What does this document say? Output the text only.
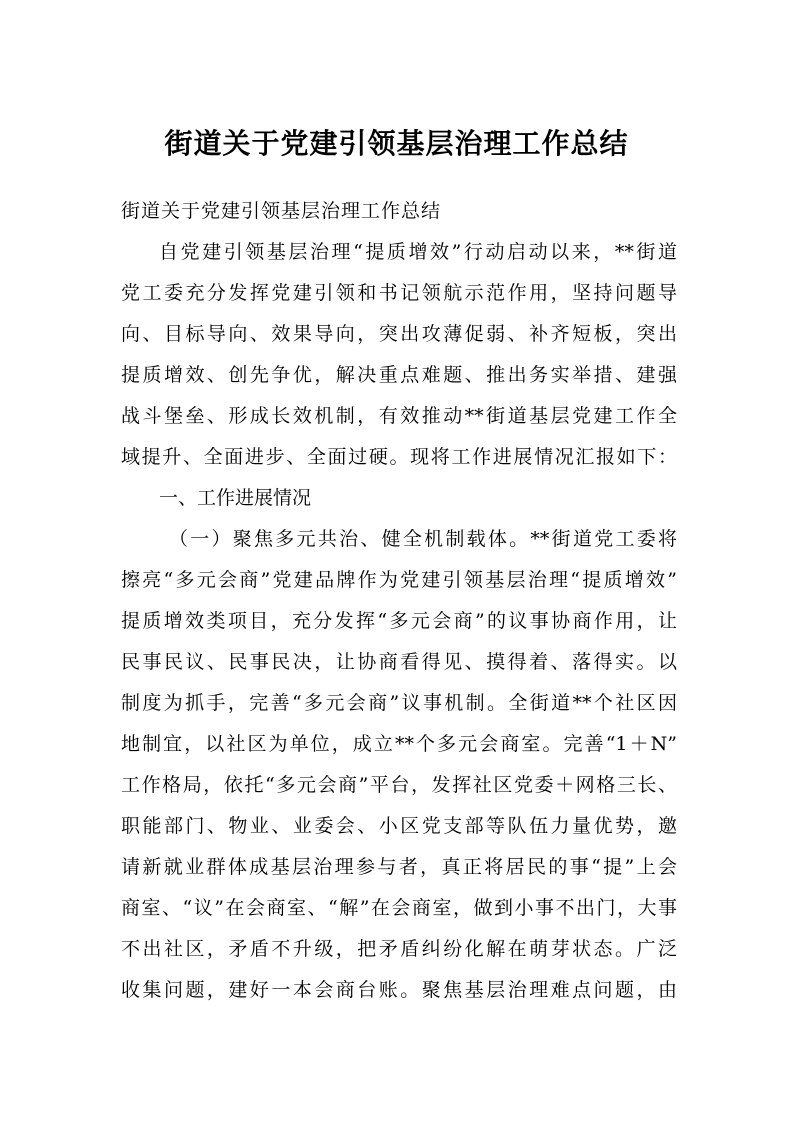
街道关于党建引领基层治理工作总结
街道关于党建引领基层治理工作总结
自党建引领基层治理“提质增效”行动启动以来，**街道
党工委充分发挥党建引领和书记领航示范作用，坚持问题导
向、目标导向、效果导向，突出攻薄促弱、补齐短板，突出
提质增效、创先争优，解决重点难题、推出务实举措、建强
战斗堡垒、形成长效机制，有效推动**街道基层党建工作全
域提升、全面进步、全面过硬。现将工作进展情况汇报如下：
一、工作进展情况
（一）聚焦多元共治、健全机制载体。**街道党工委将
擦亮“多元会商”党建品牌作为党建引领基层治理“提质增效”
提质增效类项目，充分发挥“多元会商”的议事协商作用，让
民事民议、民事民决，让协商看得见、摸得着、落得实。以
制度为抓手，完善“多元会商”议事机制。全街道**个社区因
地制宜，以社区为单位，成立**个多元会商室。完善“1＋N”
工作格局，依托“多元会商”平台，发挥社区党委＋网格三长、
职能部门、物业、业委会、小区党支部等队伍力量优势，邀
请新就业群体成基层治理参与者，真正将居民的事“提”上会
商室、“议”在会商室、“解”在会商室，做到小事不出门，大事
不出社区，矛盾不升级，把矛盾纠纷化解在萌芽状态。广泛
收集问题，建好一本会商台账。聚焦基层治理难点问题，由
